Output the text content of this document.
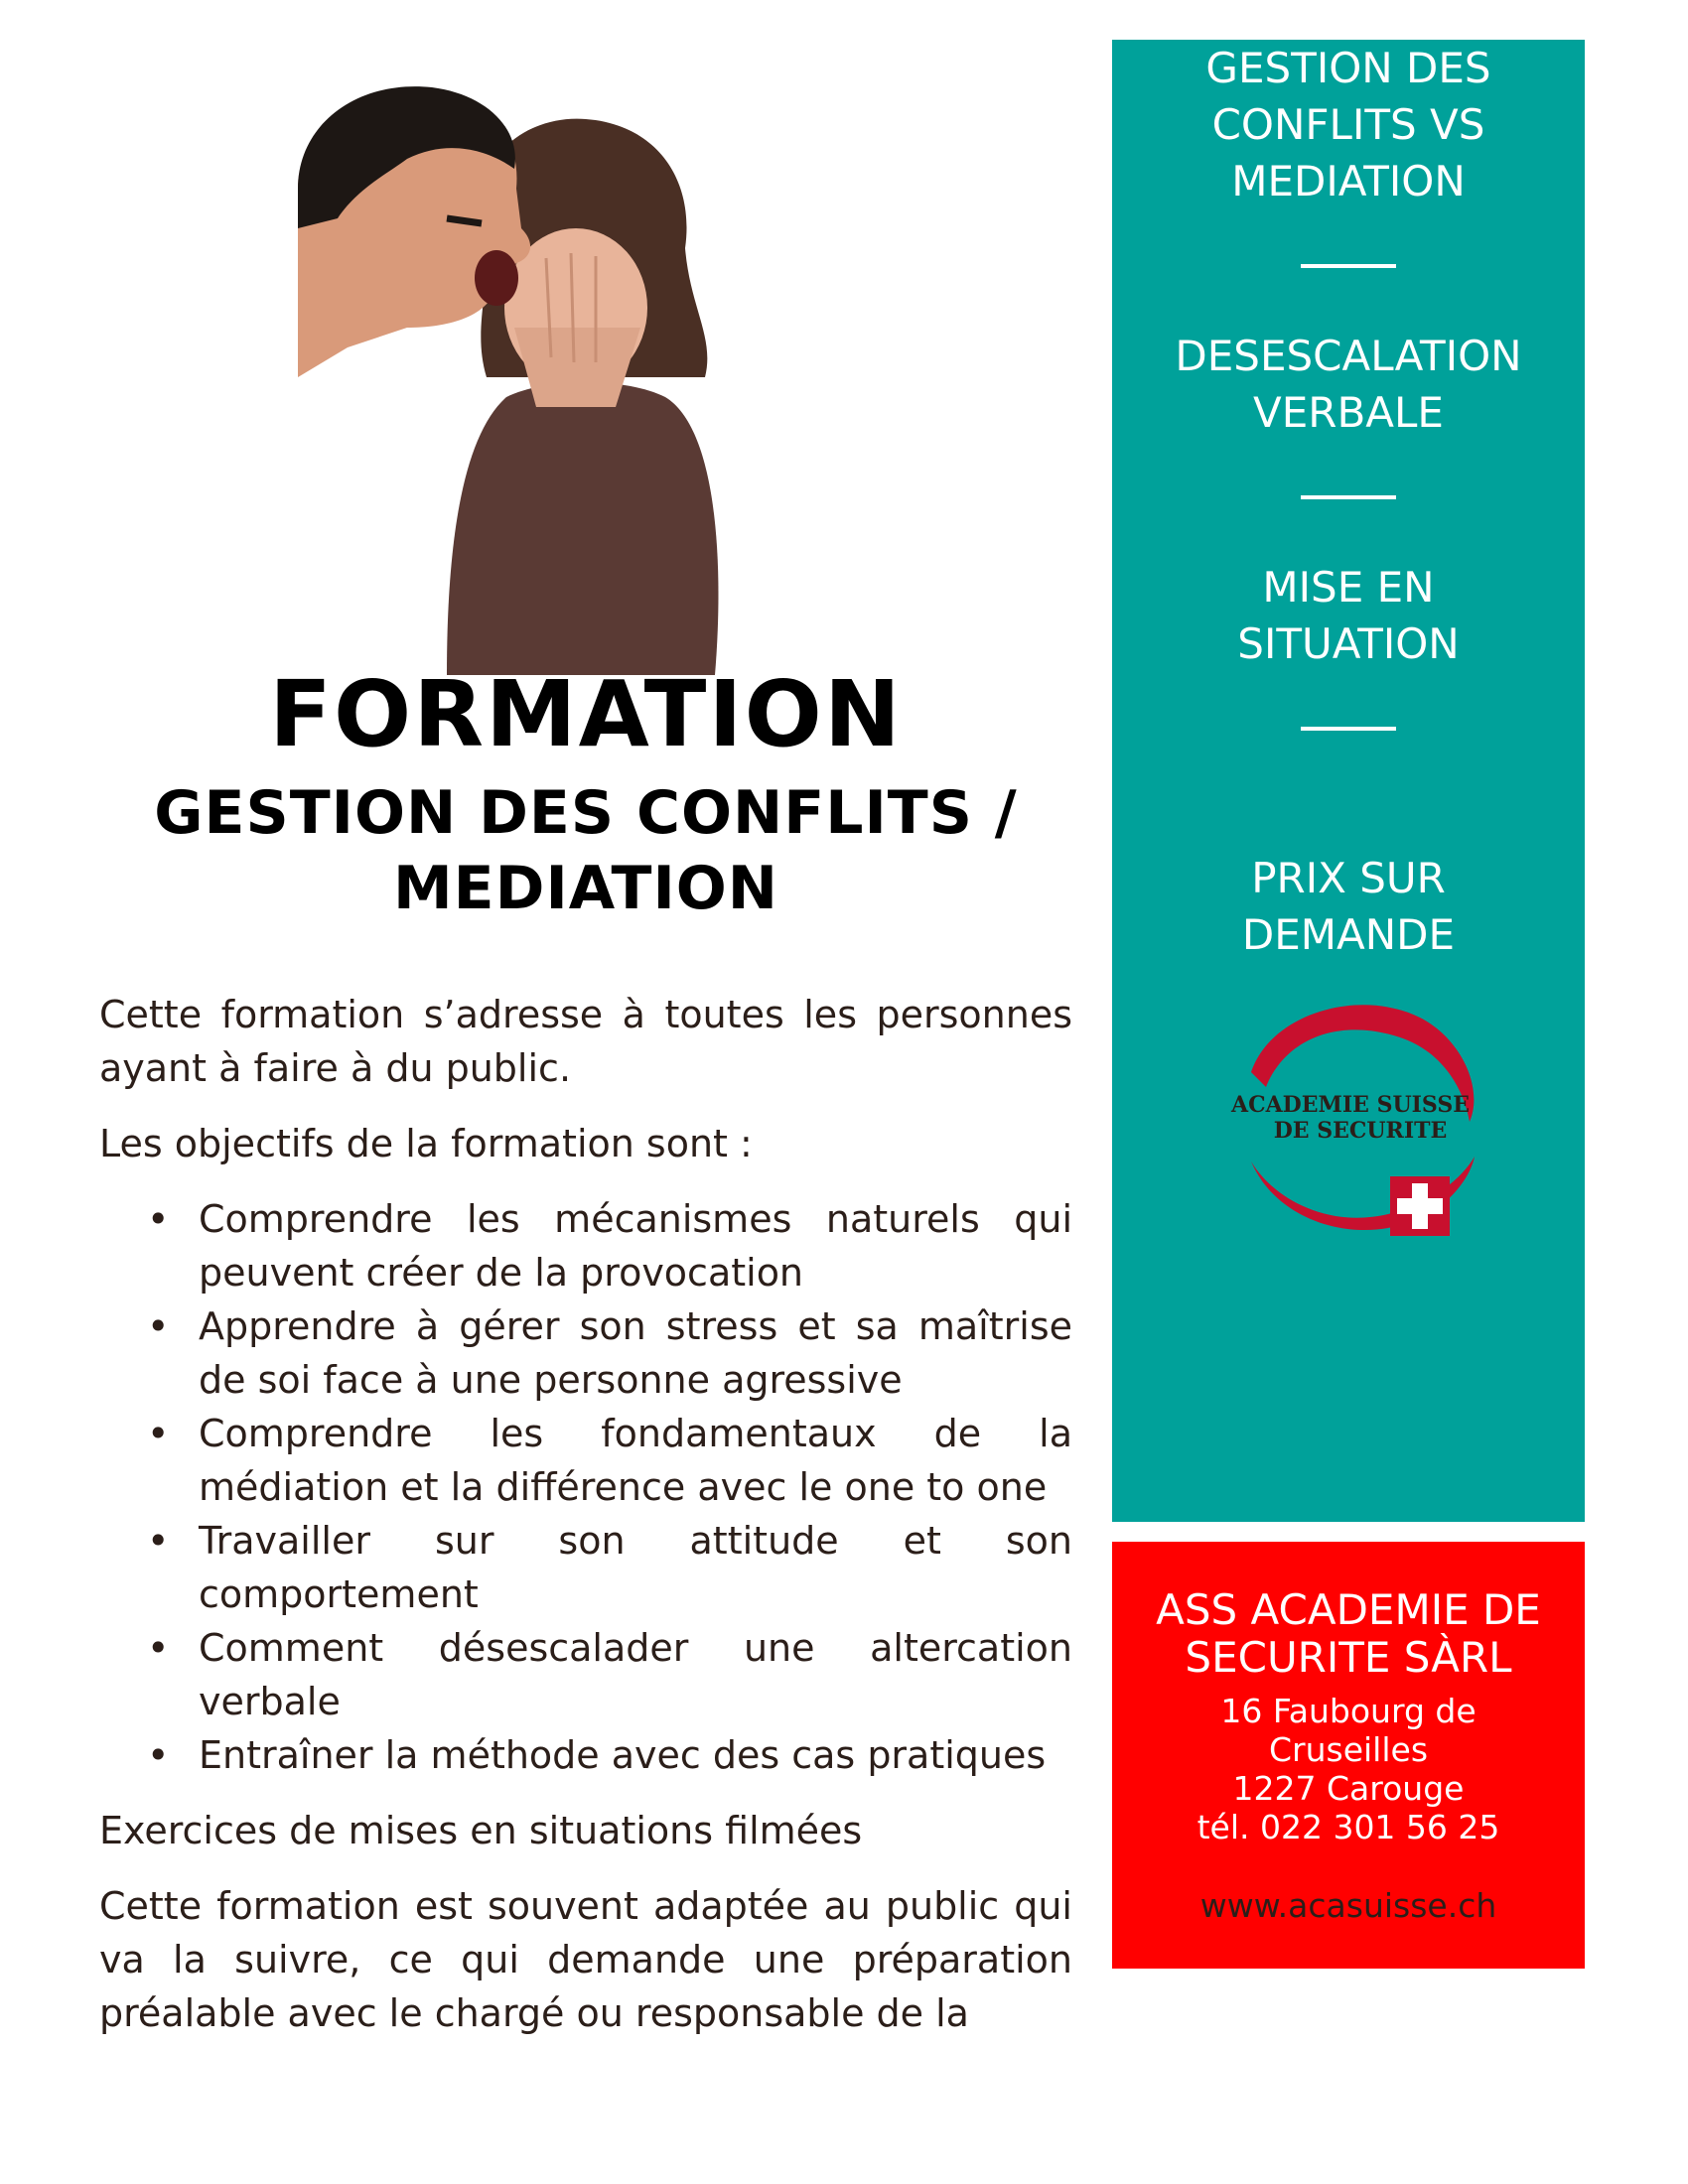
FORMATION
GESTION DES CONFLITS /
MEDIATION

Cette formation s’adresse à toutes les personnes ayant à faire à du public.

Les objectifs de la formation sont :

• Comprendre les mécanismes naturels qui peuvent créer de la provocation
• Apprendre à gérer son stress et sa maîtrise de soi face à une personne agressive
• Comprendre les fondamentaux de la médiation et la différence avec le one to one
• Travailler sur son attitude et son comportement
• Comment désescalader une altercation verbale
• Entraîner la méthode avec des cas pratiques

Exercices de mises en situations filmées

Cette formation est souvent adaptée au public qui va la suivre, ce qui demande une préparation préalable avec le chargé ou responsable de la

GESTION DES
CONFLITS VS
MEDIATION
DESESCALATION
VERBALE
MISE EN
SITUATION
PRIX SUR
DEMANDE
ACADEMIE SUISSE
DE SECURITE
ASS ACADEMIE DE
SECURITE SÀRL
16 Faubourg de
Cruseilles
1227 Carouge
tél. 022 301 56 25
www.acasuisse.ch
